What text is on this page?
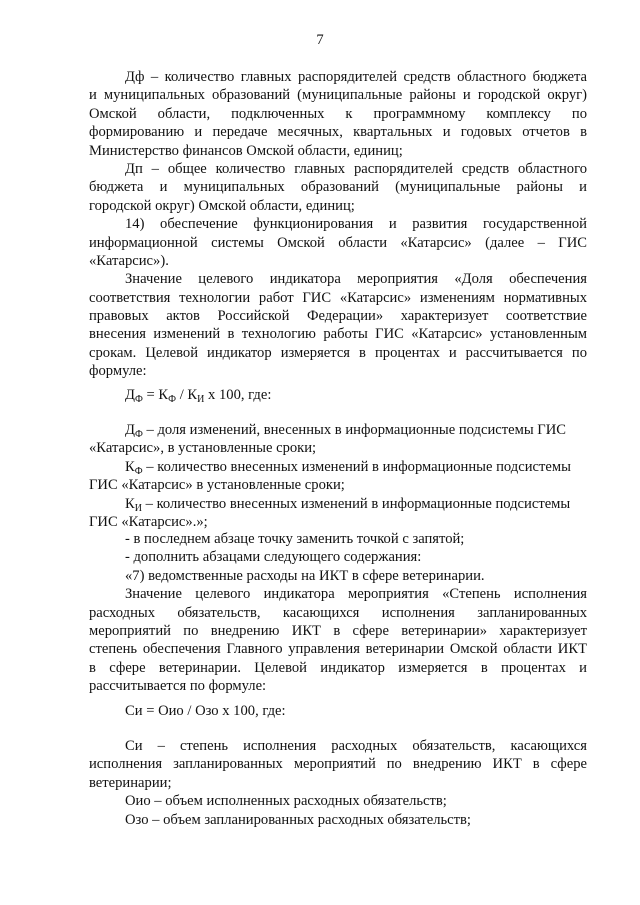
7
Дф – количество главных распорядителей средств областного бюджета
и муниципальных образований (муниципальные районы и городской округ)
Омской области, подключенных к программному комплексу по
формированию и передаче месячных, квартальных и годовых отчетов в
Министерство финансов Омской области, единиц;
Дп – общее количество главных распорядителей средств областного
бюджета и муниципальных образований (муниципальные районы и
городской округ) Омской области, единиц;
14) обеспечение функционирования и развития государственной
информационной системы Омской области «Катарсис» (далее – ГИС
«Катарсис»).
Значение целевого индикатора мероприятия «Доля обеспечения
соответствия технологии работ ГИС «Катарсис» изменениям нормативных
правовых актов Российской Федерации» характеризует соответствие
внесения изменений в технологию работы ГИС «Катарсис» установленным
срокам. Целевой индикатор измеряется в процентах и рассчитывается по
формуле:
$Д_Ф = К_Ф / К_И$ х 100, где:
$Д_Ф$ – доля изменений, внесенных в информационные подсистемы ГИС
«Катарсис», в установленные сроки;
$К_Ф$ – количество внесенных изменений в информационные подсистемы
ГИС «Катарсис» в установленные сроки;
$К_И$ – количество внесенных изменений в информационные подсистемы
ГИС «Катарсис».»;
- в последнем абзаце точку заменить точкой с запятой;
- дополнить абзацами следующего содержания:
«7) ведомственные расходы на ИКТ в сфере ветеринарии.
Значение целевого индикатора мероприятия «Степень исполнения
расходных обязательств, касающихся исполнения запланированных
мероприятий по внедрению ИКТ в сфере ветеринарии» характеризует
степень обеспечения Главного управления ветеринарии Омской области ИКТ
в сфере ветеринарии. Целевой индикатор измеряется в процентах и
рассчитывается по формуле:
Си = Оио / Озо х 100, где:
Си – степень исполнения расходных обязательств, касающихся
исполнения запланированных мероприятий по внедрению ИКТ в сфере
ветеринарии;
Оио – объем исполненных расходных обязательств;
Озо – объем запланированных расходных обязательств;
